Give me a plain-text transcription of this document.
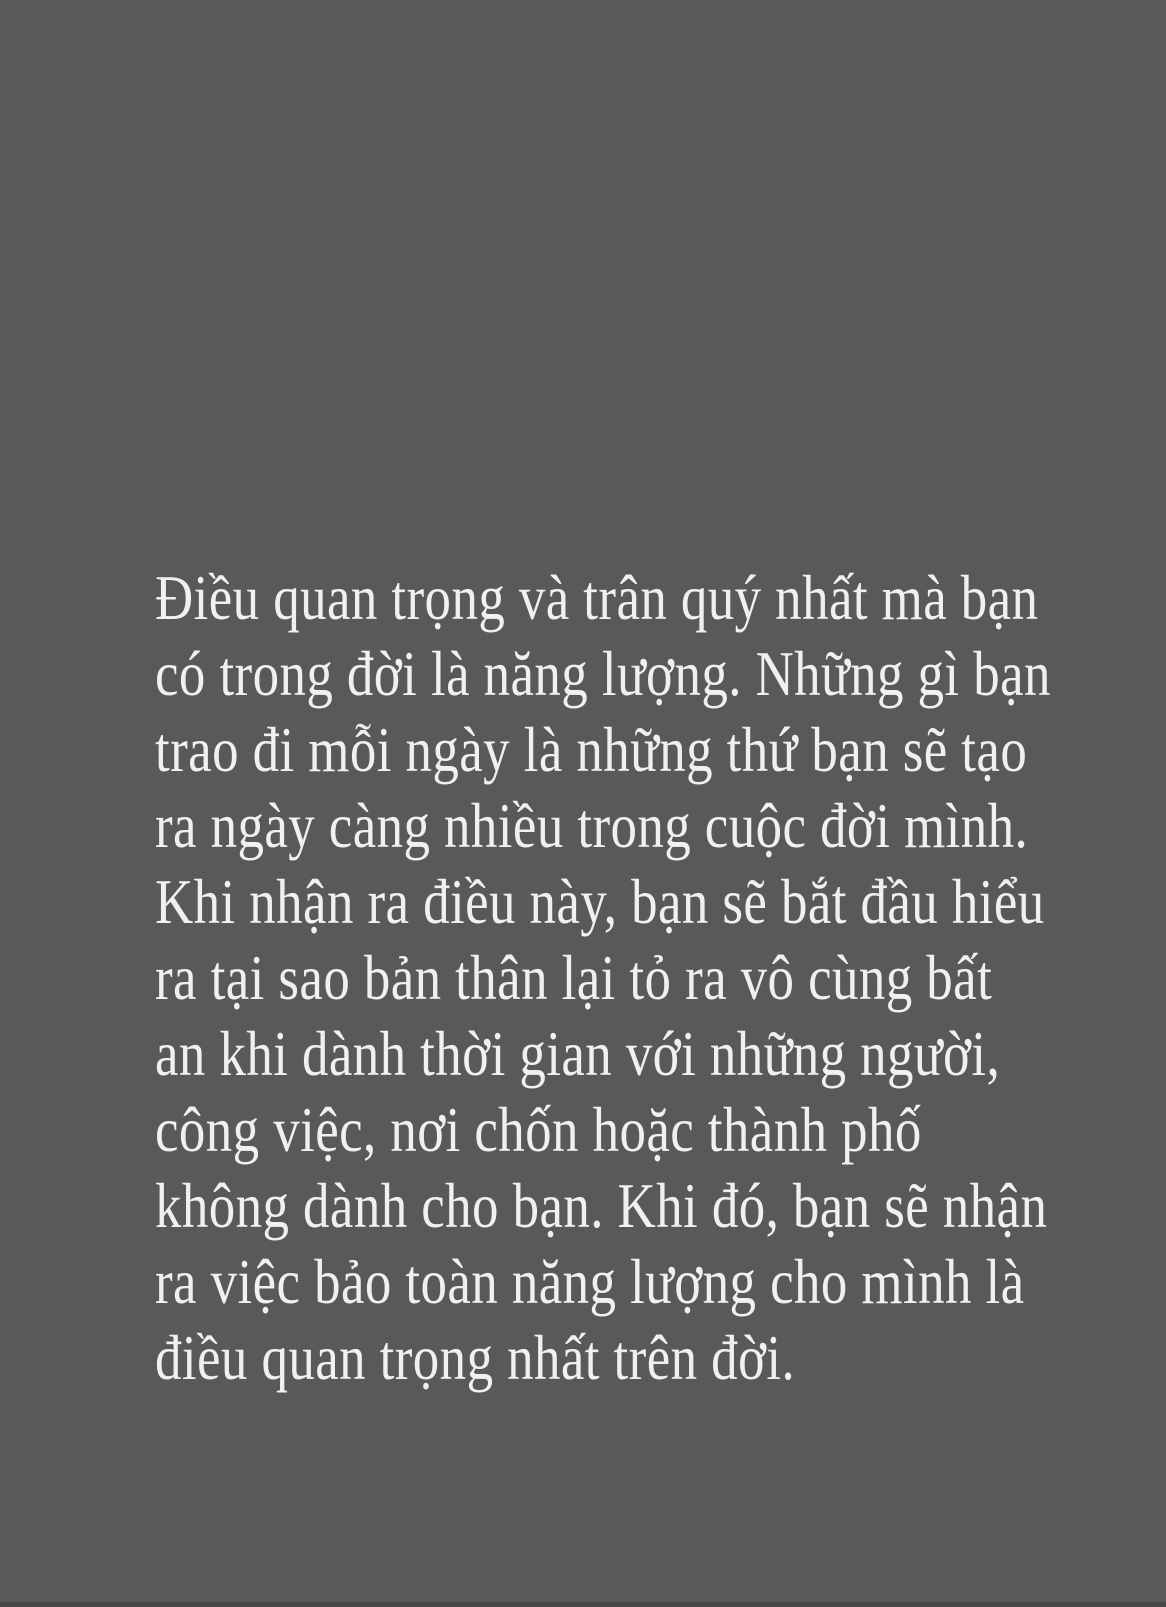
Điều quan trọng và trân quý nhất mà bạn
có trong đời là năng lượng. Những gì bạn
trao đi mỗi ngày là những thứ bạn sẽ tạo
ra ngày càng nhiều trong cuộc đời mình.
Khi nhận ra điều này, bạn sẽ bắt đầu hiểu
ra tại sao bản thân lại tỏ ra vô cùng bất
an khi dành thời gian với những người,
công việc, nơi chốn hoặc thành phố
không dành cho bạn. Khi đó, bạn sẽ nhận
ra việc bảo toàn năng lượng cho mình là
điều quan trọng nhất trên đời.
